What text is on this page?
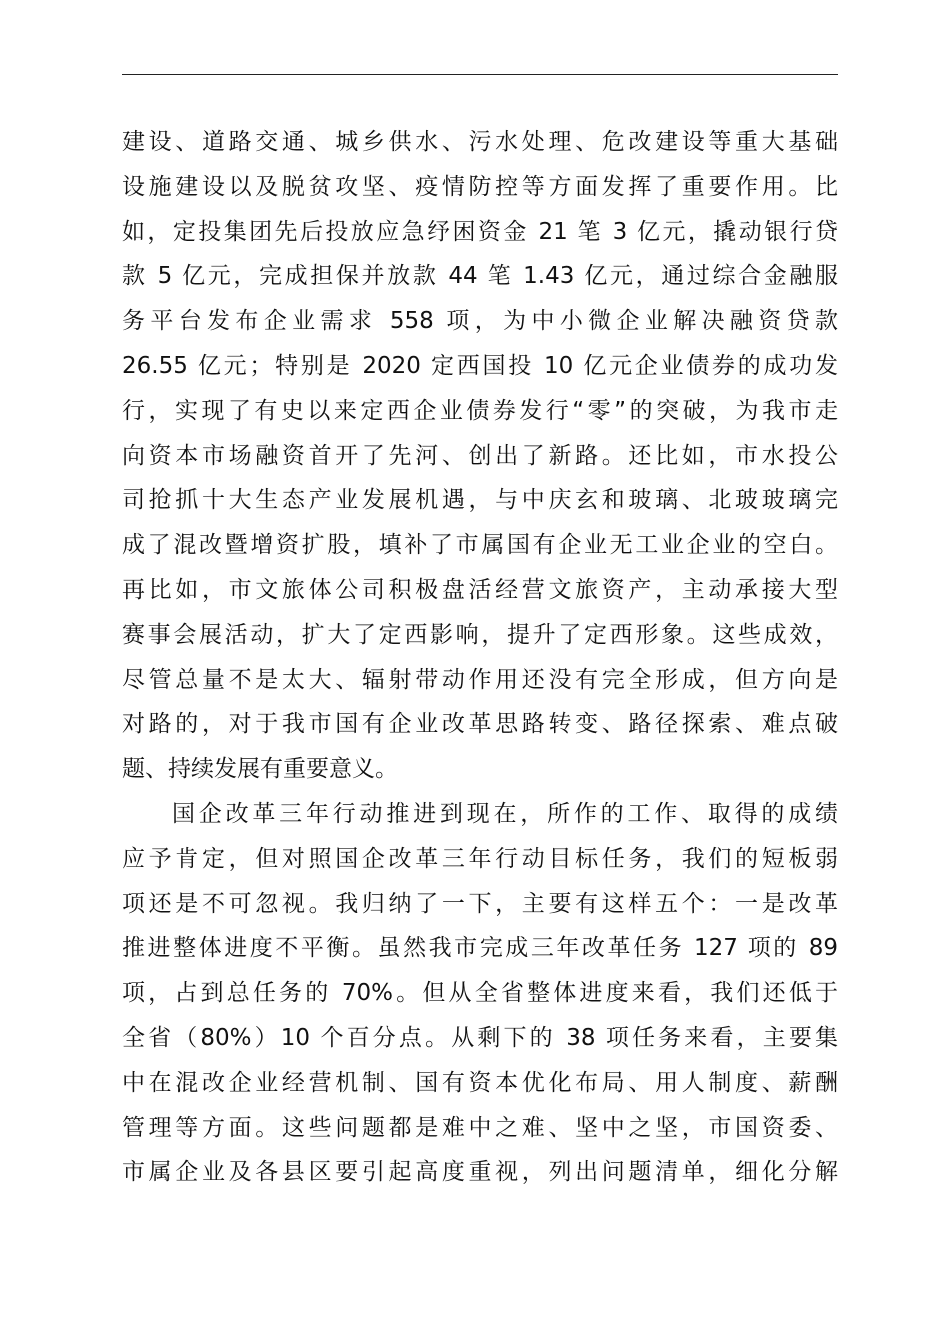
建设、道路交通、城乡供水、污水处理、危改建设等重大基础
设施建设以及脱贫攻坚、疫情防控等方面发挥了重要作用。比
如，定投集团先后投放应急纾困资金 21 笔 3 亿元，撬动银行贷
款 5 亿元，完成担保并放款 44 笔 1.43 亿元，通过综合金融服
务平台发布企业需求 558 项，为中小微企业解决融资贷款
26.55 亿元；特别是 2020 定西国投 10 亿元企业债券的成功发
行，实现了有史以来定西企业债券发行“零”的突破，为我市走
向资本市场融资首开了先河、创出了新路。还比如，市水投公
司抢抓十大生态产业发展机遇，与中庆玄和玻璃、北玻玻璃完
成了混改暨增资扩股，填补了市属国有企业无工业企业的空白。
再比如，市文旅体公司积极盘活经营文旅资产，主动承接大型
赛事会展活动，扩大了定西影响，提升了定西形象。这些成效，
尽管总量不是太大、辐射带动作用还没有完全形成，但方向是
对路的，对于我市国有企业改革思路转变、路径探索、难点破
题、持续发展有重要意义。
国企改革三年行动推进到现在，所作的工作、取得的成绩
应予肯定，但对照国企改革三年行动目标任务，我们的短板弱
项还是不可忽视。我归纳了一下，主要有这样五个：一是改革
推进整体进度不平衡。虽然我市完成三年改革任务 127 项的 89
项，占到总任务的 70%。但从全省整体进度来看，我们还低于
全省（80%）10 个百分点。从剩下的 38 项任务来看，主要集
中在混改企业经营机制、国有资本优化布局、用人制度、薪酬
管理等方面。这些问题都是难中之难、坚中之坚，市国资委、
市属企业及各县区要引起高度重视，列出问题清单，细化分解
